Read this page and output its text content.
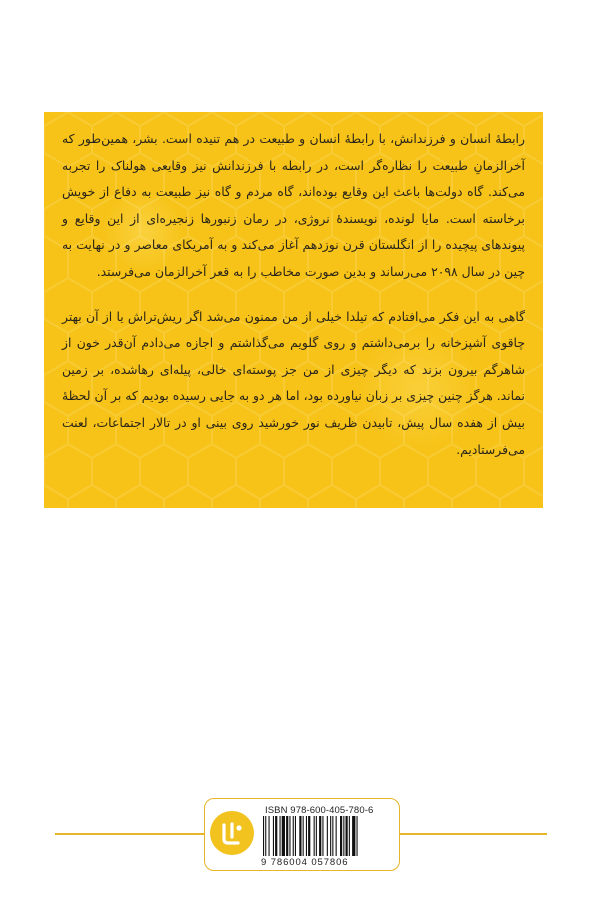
رابطۀ انسان و فرزندانش، با رابطۀ انسان و طبیعت در هم تنیده است. بشر، همین‌طور که آخرالزمانِ طبیعت را نظاره‌گر است، در رابطه با فرزندانش نیز وقایعی هولناک را تجربه می‌کند. گاه دولت‌ها باعث این وقایع بوده‌اند، گاه مردم و گاه نیز طبیعت به دفاع از خویش برخاسته است. مایا لونده، نویسندۀ نروژی، در رمان زنبورها زنجیره‌ای از این وقایع و پیوندهای پیچیده را از انگلستان قرن نوزدهم آغاز می‌کند و به آمریکای معاصر و در نهایت به چین در سال ۲۰۹۸ می‌رساند و بدین صورت مخاطب را به قعر آخرالزمان می‌فرستد.

گاهی به این فکر می‌افتادم که تیلدا خیلی از من ممنون می‌شد اگر ریش‌تراش یا از آن بهتر چاقوی آشپزخانه را برمی‌داشتم و روی گلویم می‌گذاشتم و اجازه می‌دادم آن‌قدر خون از شاهرگم بیرون بزند که دیگر چیزی از من جز پوسته‌ای خالی، پیله‌ای رهاشده، بر زمین نماند. هرگز چنین چیزی بر زبان نیاورده بود، اما هر دو به جایی رسیده بودیم که بر آن لحظۀ بیش از هفده سال پیش، تابیدن ظریف نور خورشید روی بینی او در تالار اجتماعات، لعنت می‌فرستادیم.

ISBN 978-600-405-780-6
9 786004 057806
